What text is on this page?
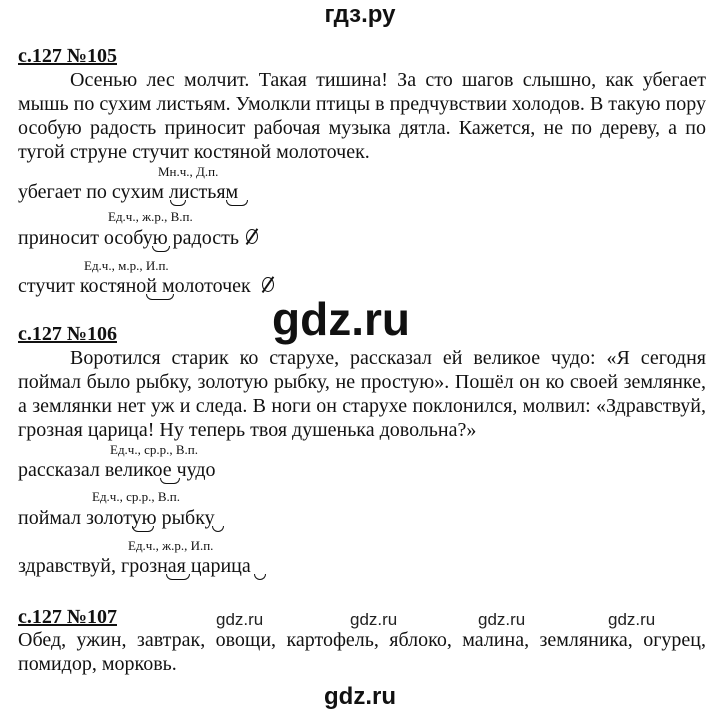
гдз.ру
с.127 №105
Осенью лес молчит. Такая тишина! За сто шагов слышно, как убегает мышь по сухим листьям. Умолкли птицы в предчувствии холодов. В такую пору особую радость приносит рабочая музыка дятла. Кажется, не по дереву, а по тугой струне стучит костяной молоточек.
Мн.ч., Д.п.
убегает по сухим листьям
Ед.ч., ж.р., В.п.
приносит особую радость
Ед.ч., м.р., И.п.
стучит костяной молоточек
gdz.ru
с.127 №106
Воротился старик ко старухе, рассказал ей великое чудо: «Я сегодня поймал было рыбку, золотую рыбку, не простую». Пошёл он ко своей землянке, а землянки нет уж и следа. В ноги он старухе поклонился, молвил: «Здравствуй, грозная царица! Ну теперь твоя душенька довольна?»
Ед.ч., ср.р., В.п.
рассказал великое чудо
Ед.ч., ср.р., В.п.
поймал золотую рыбку
Ед.ч., ж.р., И.п.
здравствуй, грозная царица
с.127 №107	gdz.ru	gdz.ru	gdz.ru	gdz.ru
Обед, ужин, завтрак, овощи, картофель, яблоко, малина, земляника, огурец, помидор, морковь.
gdz.ru
